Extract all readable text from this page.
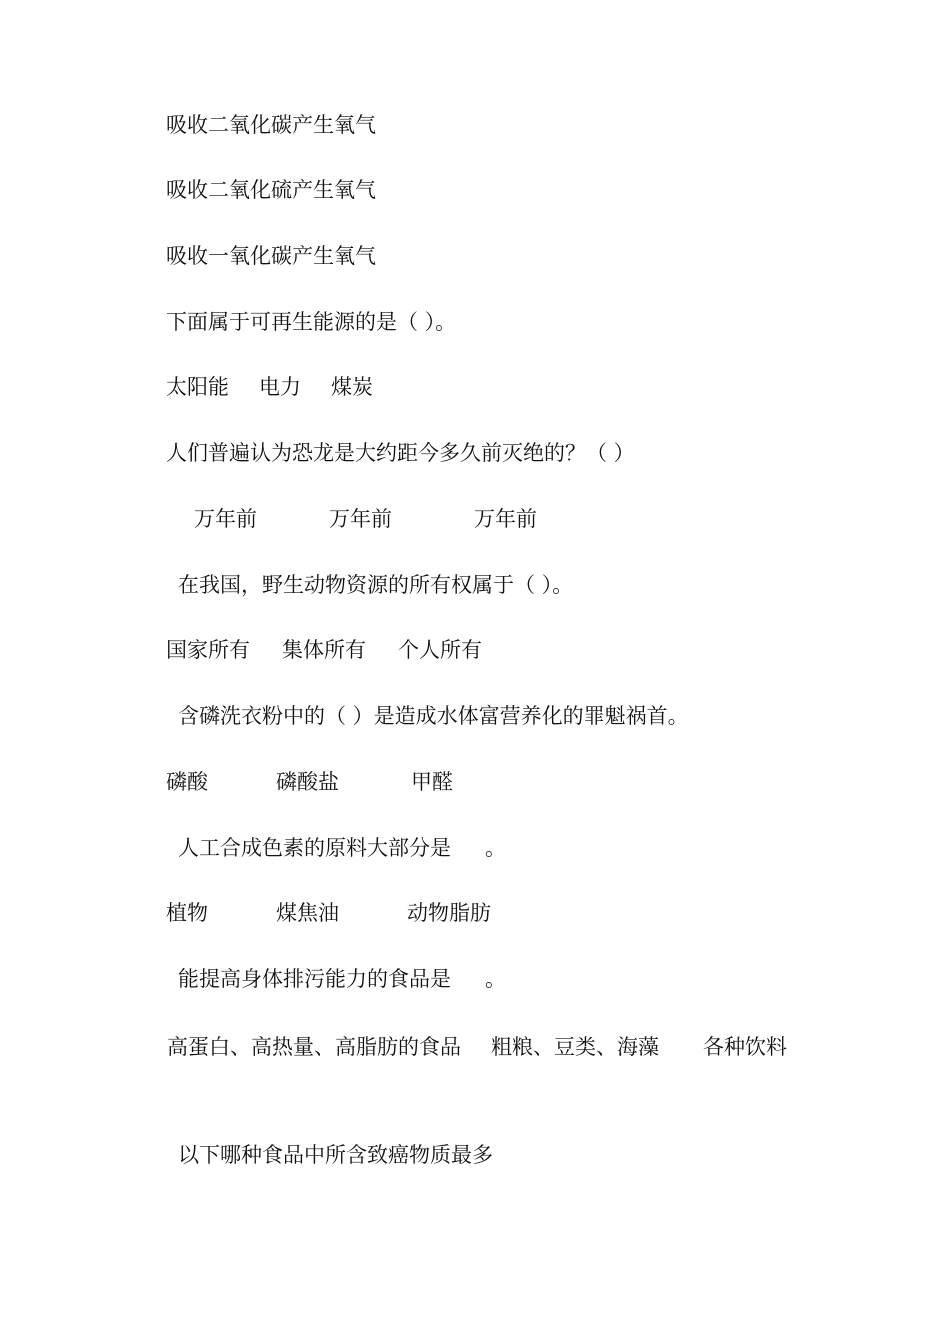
吸收二氧化碳产生氧气

吸收二氧化硫产生氧气

吸收一氧化碳产生氧气

下面属于可再生能源的是（ ）。

太阳能 电力 煤炭

人们普遍认为恐龙是大约距今多久前灭绝的？（ ）

万年前	万年前	万年前

在我国，野生动物资源的所有权属于（ ）。

国家所有 集体所有 个人所有

含磷洗衣粉中的（ ）是造成水体富营养化的罪魁祸首。

磷酸	磷酸盐	甲醛

人工合成色素的原料大部分是 。

植物	煤焦油	动物脂肪

能提高身体排污能力的食品是 。

高蛋白、高热量、高脂肪的食品 粗粮、豆类、海藻 各种饮料

以下哪种食品中所含致癌物质最多
